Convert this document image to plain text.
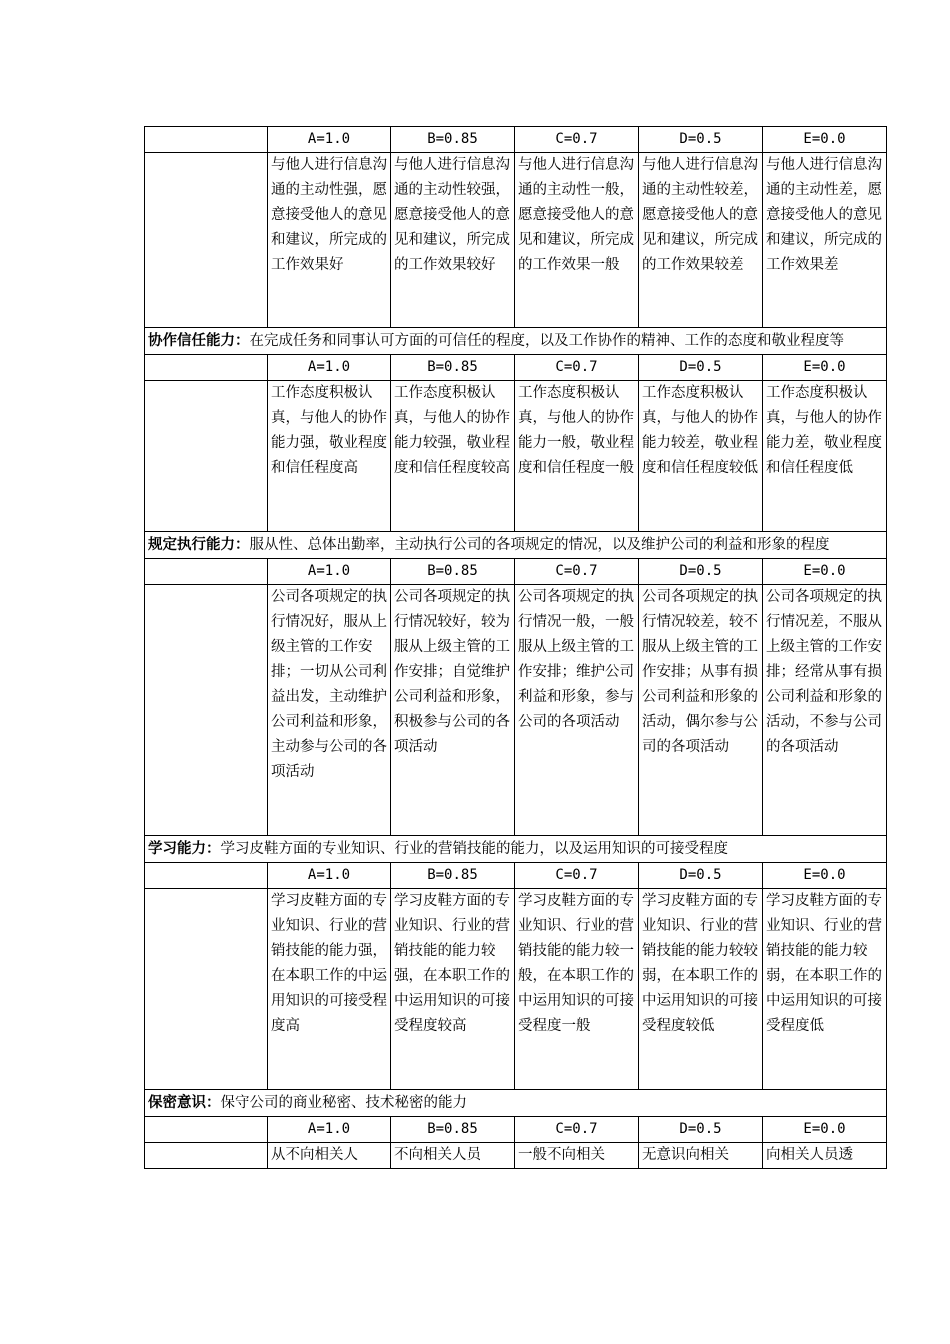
	A=1.0	B=0.85	C=0.7	D=0.5	E=0.0
	与他人进行信息沟通的主动性强，愿意接受他人的意见和建议，所完成的工作效果好	与他人进行信息沟通的主动性较强，愿意接受他人的意见和建议，所完成的工作效果较好	与他人进行信息沟通的主动性一般，愿意接受他人的意见和建议，所完成的工作效果一般	与他人进行信息沟通的主动性较差，愿意接受他人的意见和建议，所完成的工作效果较差	与他人进行信息沟通的主动性差，愿意接受他人的意见和建议，所完成的工作效果差
协作信任能力：在完成任务和同事认可方面的可信任的程度，以及工作协作的精神、工作的态度和敬业程度等					
	A=1.0	B=0.85	C=0.7	D=0.5	E=0.0
	工作态度积极认真，与他人的协作能力强，敬业程度和信任程度高	工作态度积极认真，与他人的协作能力较强，敬业程度和信任程度较高	工作态度积极认真，与他人的协作能力一般，敬业程度和信任程度一般	工作态度积极认真，与他人的协作能力较差，敬业程度和信任程度较低	工作态度积极认真，与他人的协作能力差，敬业程度和信任程度低
规定执行能力：服从性、总体出勤率，主动执行公司的各项规定的情况，以及维护公司的利益和形象的程度					
	A=1.0	B=0.85	C=0.7	D=0.5	E=0.0
	公司各项规定的执行情况好，服从上级主管的工作安排；一切从公司利益出发，主动维护公司利益和形象，主动参与公司的各项活动	公司各项规定的执行情况较好，较为服从上级主管的工作安排；自觉维护公司利益和形象，积极参与公司的各项活动	公司各项规定的执行情况一般，一般服从上级主管的工作安排；维护公司利益和形象，参与公司的各项活动	公司各项规定的执行情况较差，较不服从上级主管的工作安排；从事有损公司利益和形象的活动，偶尔参与公司的各项活动	公司各项规定的执行情况差，不服从上级主管的工作安排；经常从事有损公司利益和形象的活动，不参与公司的各项活动
学习能力：学习皮鞋方面的专业知识、行业的营销技能的能力，以及运用知识的可接受程度					
	A=1.0	B=0.85	C=0.7	D=0.5	E=0.0
	学习皮鞋方面的专业知识、行业的营销技能的能力强，在本职工作的中运用知识的可接受程度高	学习皮鞋方面的专业知识、行业的营销技能的能力较强，在本职工作的中运用知识的可接受程度较高	学习皮鞋方面的专业知识、行业的营销技能的能力较一般，在本职工作的中运用知识的可接受程度一般	学习皮鞋方面的专业知识、行业的营销技能的能力较较弱，在本职工作的中运用知识的可接受程度较低	学习皮鞋方面的专业知识、行业的营销技能的能力较弱，在本职工作的中运用知识的可接受程度低
保密意识：保守公司的商业秘密、技术秘密的能力					
	A=1.0	B=0.85	C=0.7	D=0.5	E=0.0
	从不向相关人	不向相关人员	一般不向相关	无意识向相关	向相关人员透
